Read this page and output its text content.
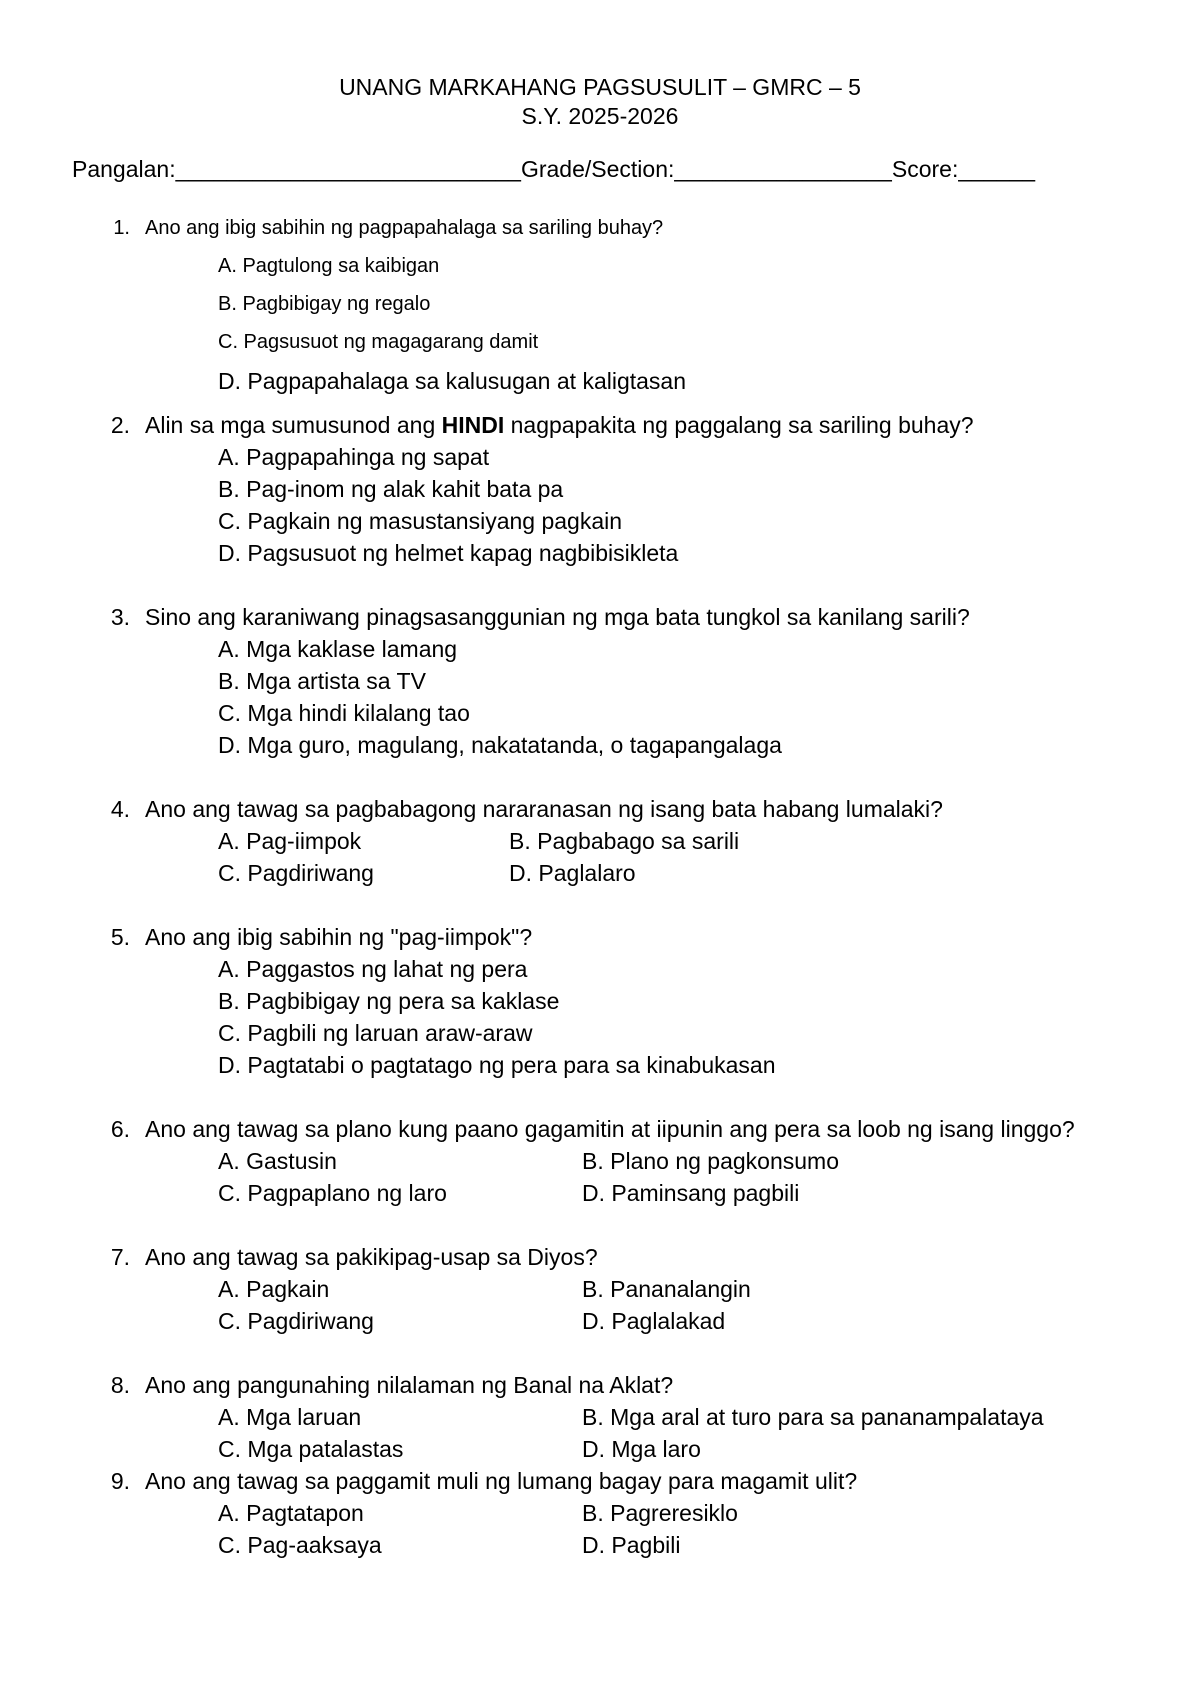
UNANG MARKAHANG PAGSUSULIT – GMRC – 5
S.Y. 2025-2026
Pangalan:___________________________Grade/Section:_________________Score:______
1. Ano ang ibig sabihin ng pagpapahalaga sa sariling buhay?
A. Pagtulong sa kaibigan
B. Pagbibigay ng regalo
C. Pagsusuot ng magagarang damit
D. Pagpapahalaga sa kalusugan at kaligtasan
2. Alin sa mga sumusunod ang HINDI nagpapakita ng paggalang sa sariling buhay?
A. Pagpapahinga ng sapat
B. Pag-inom ng alak kahit bata pa
C. Pagkain ng masustansiyang pagkain
D. Pagsusuot ng helmet kapag nagbibisikleta
3. Sino ang karaniwang pinagsasanggunian ng mga bata tungkol sa kanilang sarili?
A. Mga kaklase lamang
B. Mga artista sa TV
C. Mga hindi kilalang tao
D. Mga guro, magulang, nakatatanda, o tagapangalaga
4. Ano ang tawag sa pagbabagong nararanasan ng isang bata habang lumalaki?
A. Pag-iimpok	B. Pagbabago sa sarili
C. Pagdiriwang	D. Paglalaro
5. Ano ang ibig sabihin ng "pag-iimpok"?
A. Paggastos ng lahat ng pera
B. Pagbibigay ng pera sa kaklase
C. Pagbili ng laruan araw-araw
D. Pagtatabi o pagtatago ng pera para sa kinabukasan
6. Ano ang tawag sa plano kung paano gagamitin at iipunin ang pera sa loob ng isang linggo?
A. Gastusin	B. Plano ng pagkonsumo
C. Pagpaplano ng laro	D. Paminsang pagbili
7. Ano ang tawag sa pakikipag-usap sa Diyos?
A. Pagkain	B. Pananalangin
C. Pagdiriwang	D. Paglalakad
8. Ano ang pangunahing nilalaman ng Banal na Aklat?
A. Mga laruan	B. Mga aral at turo para sa pananampalataya
C. Mga patalastas	D. Mga laro
9. Ano ang tawag sa paggamit muli ng lumang bagay para magamit ulit?
A. Pagtatapon	B. Pagreresiklo
C. Pag-aaksaya	D. Pagbili
